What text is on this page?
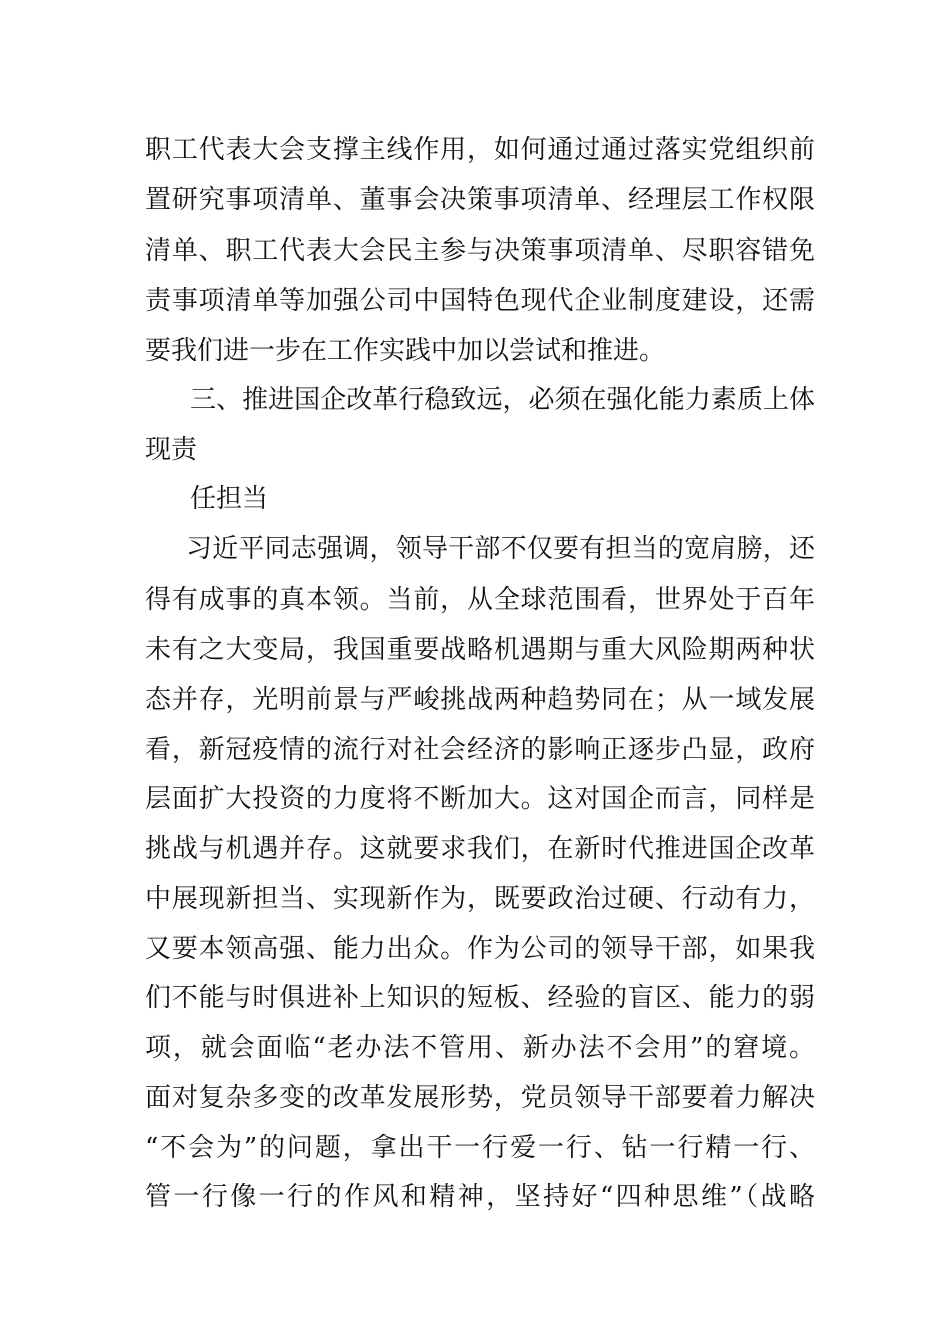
职工代表大会支撑主线作用，如何通过通过落实党组织前
置研究事项清单、董事会决策事项清单、经理层工作权限
清单、职工代表大会民主参与决策事项清单、尽职容错免
责事项清单等加强公司中国特色现代企业制度建设，还需
要我们进一步在工作实践中加以尝试和推进。
三、推进国企改革行稳致远，必须在强化能力素质上体
现责
任担当
习近平同志强调，领导干部不仅要有担当的宽肩膀，还
得有成事的真本领。当前，从全球范围看，世界处于百年
未有之大变局，我国重要战略机遇期与重大风险期两种状
态并存，光明前景与严峻挑战两种趋势同在；从一域发展
看，新冠疫情的流行对社会经济的影响正逐步凸显，政府
层面扩大投资的力度将不断加大。这对国企而言，同样是
挑战与机遇并存。这就要求我们，在新时代推进国企改革
中展现新担当、实现新作为，既要政治过硬、行动有力，
又要本领高强、能力出众。作为公司的领导干部，如果我
们不能与时俱进补上知识的短板、经验的盲区、能力的弱
项，就会面临“老办法不管用、新办法不会用”的窘境。
面对复杂多变的改革发展形势，党员领导干部要着力解决
“不会为”的问题，拿出干一行爱一行、钻一行精一行、
管一行像一行的作风和精神，坚持好“四种思维”（战略
